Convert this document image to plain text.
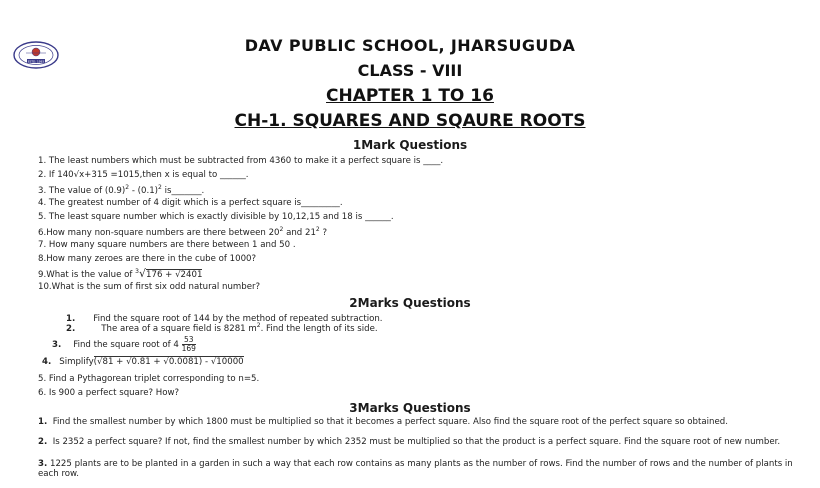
ESTD. 1983
DAV PUBLIC SCHOOL, JHARSUGUDA
CLASS - VIII
CHAPTER 1 TO 16
CH-1. SQUARES AND SQAURE ROOTS
1Mark Questions
1. The least numbers which must be subtracted from 4360 to make it a perfect square is ____.
2. If 140√x+315 =1015,then x is equal to ______.
3. The value of $(0.9)^2 - (0.1)^2$ is_______.
4. The greatest number of 4 digit which is a perfect square is_________.
5. The least square number which is exactly divisible by 10,12,15 and 18 is ______.
6.How many non-square numbers are there between $20^2$ and $21^2$ ?
7. How many square numbers are there between 1 and 50 .
8.How many zeroes are there in the cube of 1000?
9.What is the value of $^3$√176 + √2401
10.What is the sum of first six odd natural number?
2Marks Questions
1. Find the square root of 144 by the method of repeated subtraction.
2.	The area of a square field is 8281 $m^2$. Find the length of its side.
3. Find the square root of $4 \frac{53}{169}$
4. Simplify(√81 + √0.81 + √0.0081) - √10000
5. Find a Pythagorean triplet corresponding to n=5.
6. Is 900 a perfect square? How?
3Marks Questions
1. Find the smallest number by which 1800 must be multiplied so that it becomes a perfect square. Also find the square root of the perfect square so obtained.
2. Is 2352 a perfect square? If not, find the smallest number by which 2352 must be multiplied so that the product is a perfect square. Find the square root of new number.
3. 1225 plants are to be planted in a garden in such a way that each row contains as many plants as the number of rows. Find the number of rows and the number of plants in each row.
